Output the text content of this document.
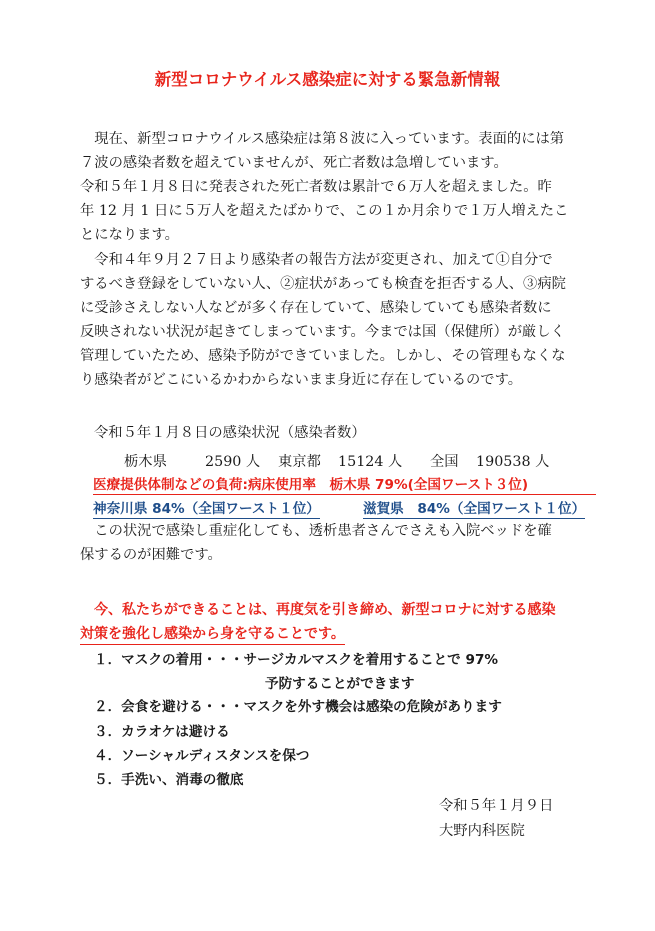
新型コロナウイルス感染症に対する緊急新情報
　現在、新型コロナウイルス感染症は第８波に入っています。表面的には第
７波の感染者数を超えていませんが、死亡者数は急増しています。
令和５年１月８日に発表された死亡者数は累計で６万人を超えました。昨
年 12 月 1 日に５万人を超えたばかりで、この１か月余りで１万人増えたこ
とになります。
　令和４年９月２７日より感染者の報告方法が変更され、加えて①自分で
するべき登録をしていない人、②症状があっても検査を拒否する人、③病院
に受診さえしない人などが多く存在していて、感染していても感染者数に
反映されない状況が起きてしまっています。今までは国（保健所）が厳しく
管理していたため、感染予防ができていました。しかし、その管理もなくな
り感染者がどこにいるかわからないまま身近に存在しているのです。
令和５年１月８日の感染状況（感染者数）
栃木県	2590 人 東京都 15124 人 全国 190538 人
医療提供体制などの負荷:病床使用率　栃木県 79%(全国ワースト３位)
神奈川県 84%（全国ワースト１位）	滋賀県　84%（全国ワースト１位）
　この状況で感染し重症化しても、透析患者さんでさえも入院ベッドを確
保するのが困難です。
　今、私たちができることは、再度気を引き締め、新型コロナに対する感染
対策を強化し感染から身を守ることです。
１．マスクの着用・・・サージカルマスクを着用することで 97%
予防することができます
２．会食を避ける・・・マスクを外す機会は感染の危険があります
３．カラオケは避ける
４．ソーシャルディスタンスを保つ
５．手洗い、消毒の徹底
令和５年１月９日
大野内科医院
